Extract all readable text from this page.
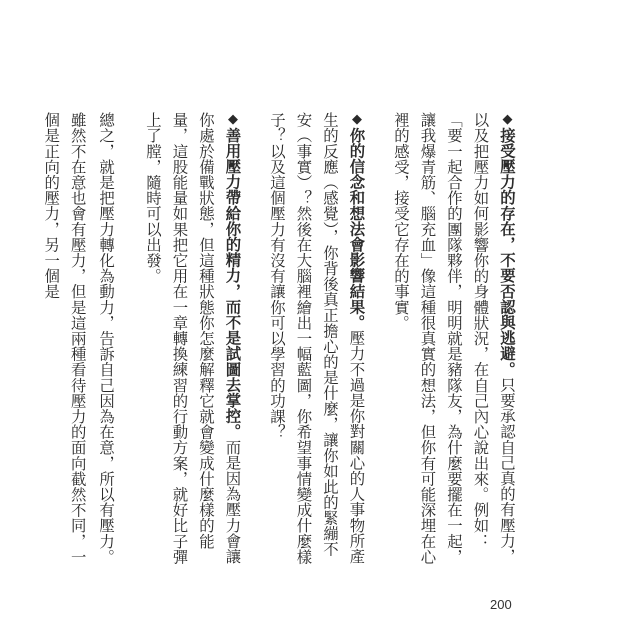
◆接受壓力的存在，不要否認與逃避。只要承認自己真的有壓力，以及把壓力如何影響你的身體狀況，在自己內心說出來。例如：「要一起合作的團隊夥伴，明明就是豬隊友，為什麼要擺在一起，讓我爆青筋、腦充血」像這種很真實的想法，但你有可能深埋在心裡的感受，接受它存在的事實。

◆你的信念和想法會影響結果。壓力不過是你對關心的人事物所產生的反應（感覺），你背後真正擔心的是什麼，讓你如此的緊繃不安（事實）？然後在大腦裡繪出一幅藍圖，你希望事情變成什麼樣子？以及這個壓力有沒有讓你可以學習的功課？

◆善用壓力帶給你的精力，而不是試圖去掌控。而是因為壓力會讓你處於備戰狀態，但這種狀態你怎麼解釋它就會變成什麼樣的能量，這股能量如果把它用在一章轉換練習的行動方案，就好比子彈上了膛，隨時可以出發。

總之，就是把壓力轉化為動力，告訴自己因為在意，所以有壓力。雖然不在意也會有壓力，但是這兩種看待壓力的面向截然不同，一個是正向的壓力，另一個是

200
